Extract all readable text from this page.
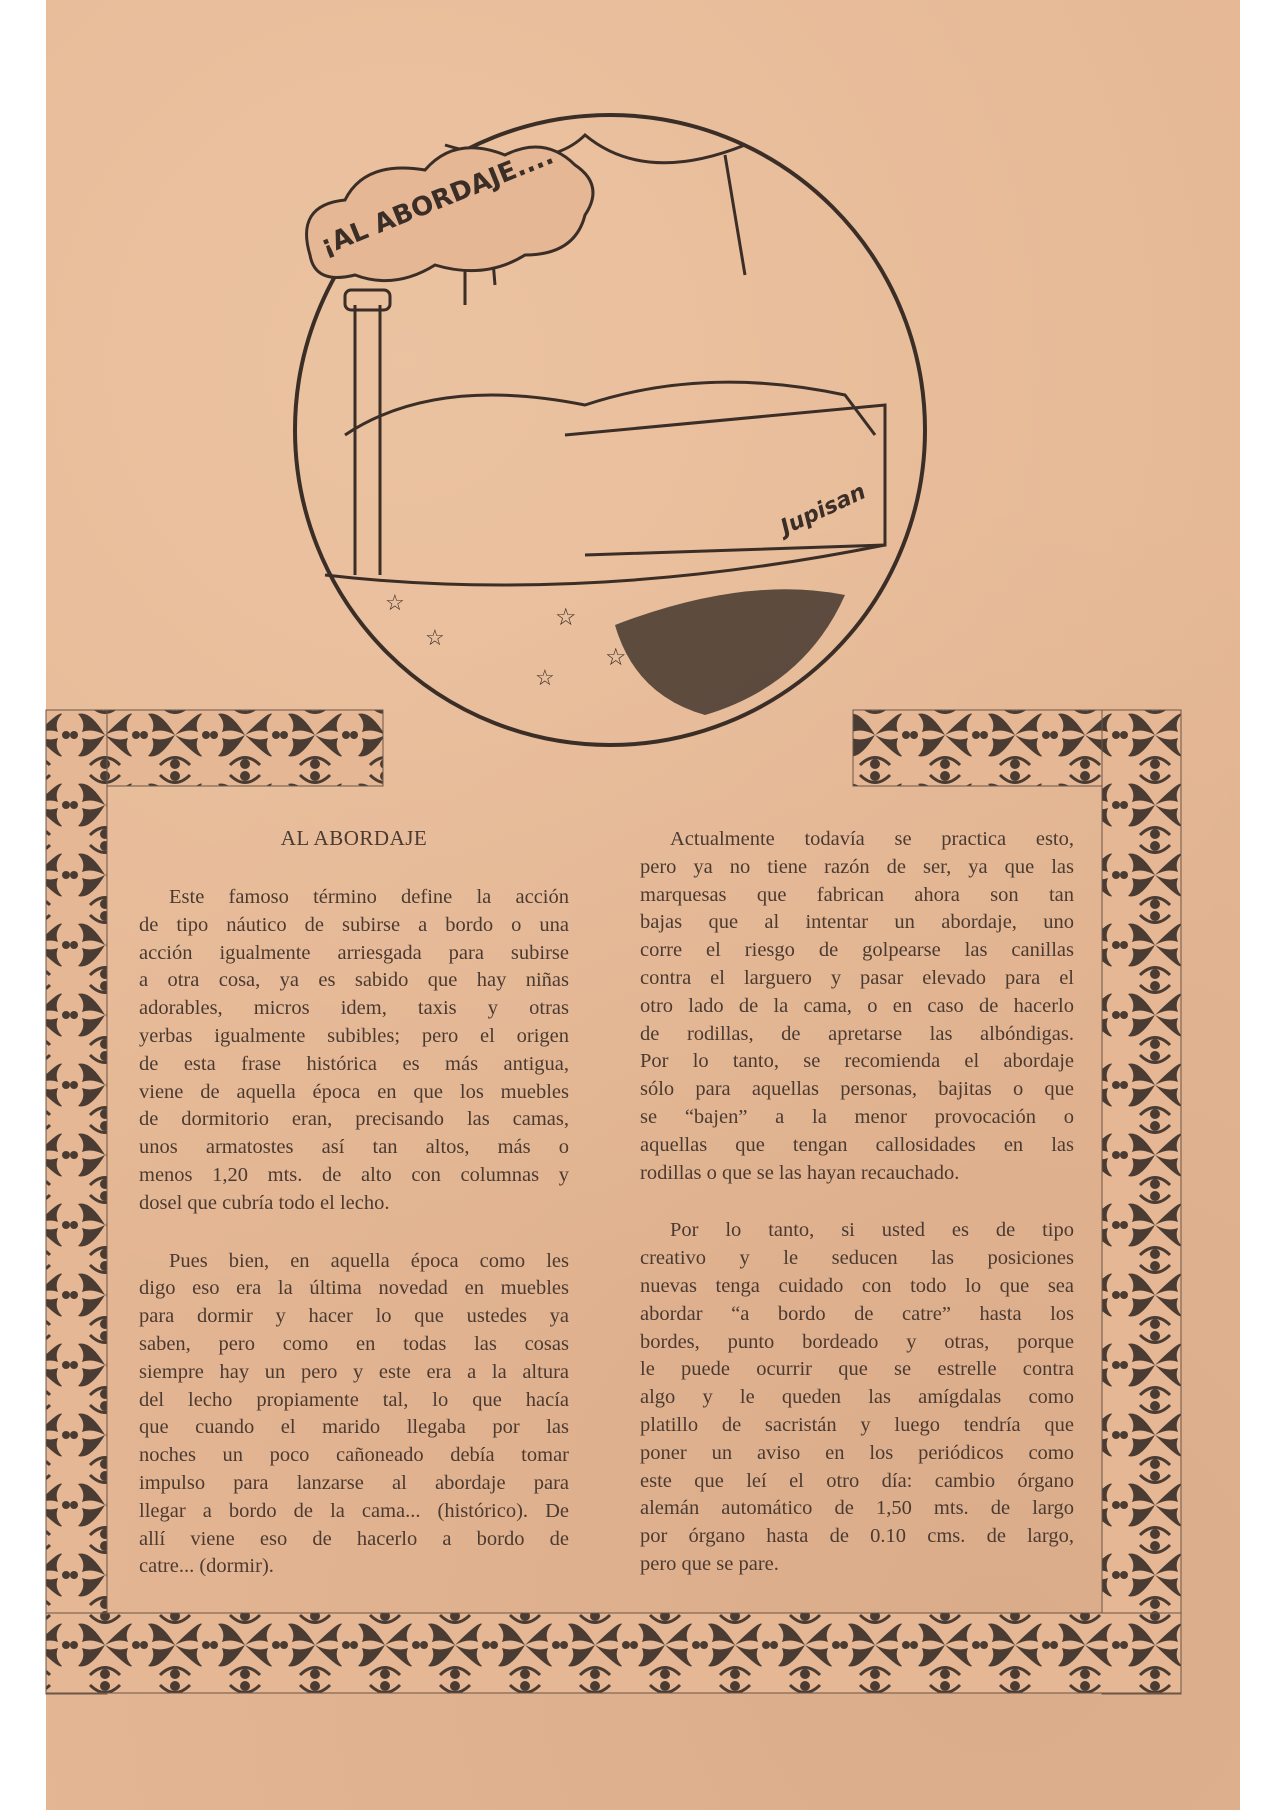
☆
☆
☆
☆
☆
¡AL ABORDAJE....
Jupisan
AL ABORDAJE
Este famoso término define la acción
de tipo náutico de subirse a bordo o una
acción igualmente arriesgada para subirse
a otra cosa, ya es sabido que hay niñas
adorables, micros idem, taxis y otras
yerbas igualmente subibles; pero el origen
de esta frase histórica es más antigua,
viene de aquella época en que los muebles
de dormitorio eran, precisando las camas,
unos armatostes así tan altos, más o
menos 1,20 mts. de alto con columnas y
dosel que cubría todo el lecho.
Pues bien, en aquella época como les
digo eso era la última novedad en muebles
para dormir y hacer lo que ustedes ya
saben, pero como en todas las cosas
siempre hay un pero y este era a la altura
del lecho propiamente tal, lo que hacía
que cuando el marido llegaba por las
noches un poco cañoneado debía tomar
impulso para lanzarse al abordaje para
llegar a bordo de la cama... (histórico). De
allí viene eso de hacerlo a bordo de
catre... (dormir).
Actualmente todavía se practica esto,
pero ya no tiene razón de ser, ya que las
marquesas que fabrican ahora son tan
bajas que al intentar un abordaje, uno
corre el riesgo de golpearse las canillas
contra el larguero y pasar elevado para el
otro lado de la cama, o en caso de hacerlo
de rodillas, de apretarse las albóndigas.
Por lo tanto, se recomienda el abordaje
sólo para aquellas personas, bajitas o que
se “bajen” a la menor provocación o
aquellas que tengan callosidades en las
rodillas o que se las hayan recauchado.
Por lo tanto, si usted es de tipo
creativo y le seducen las posiciones
nuevas tenga cuidado con todo lo que sea
abordar “a bordo de catre” hasta los
bordes, punto bordeado y otras, porque
le puede ocurrir que se estrelle contra
algo y le queden las amígdalas como
platillo de sacristán y luego tendría que
poner un aviso en los periódicos como
este que leí el otro día: cambio órgano
alemán automático de 1,50 mts. de largo
por órgano hasta de 0.10 cms. de largo,
pero que se pare.
